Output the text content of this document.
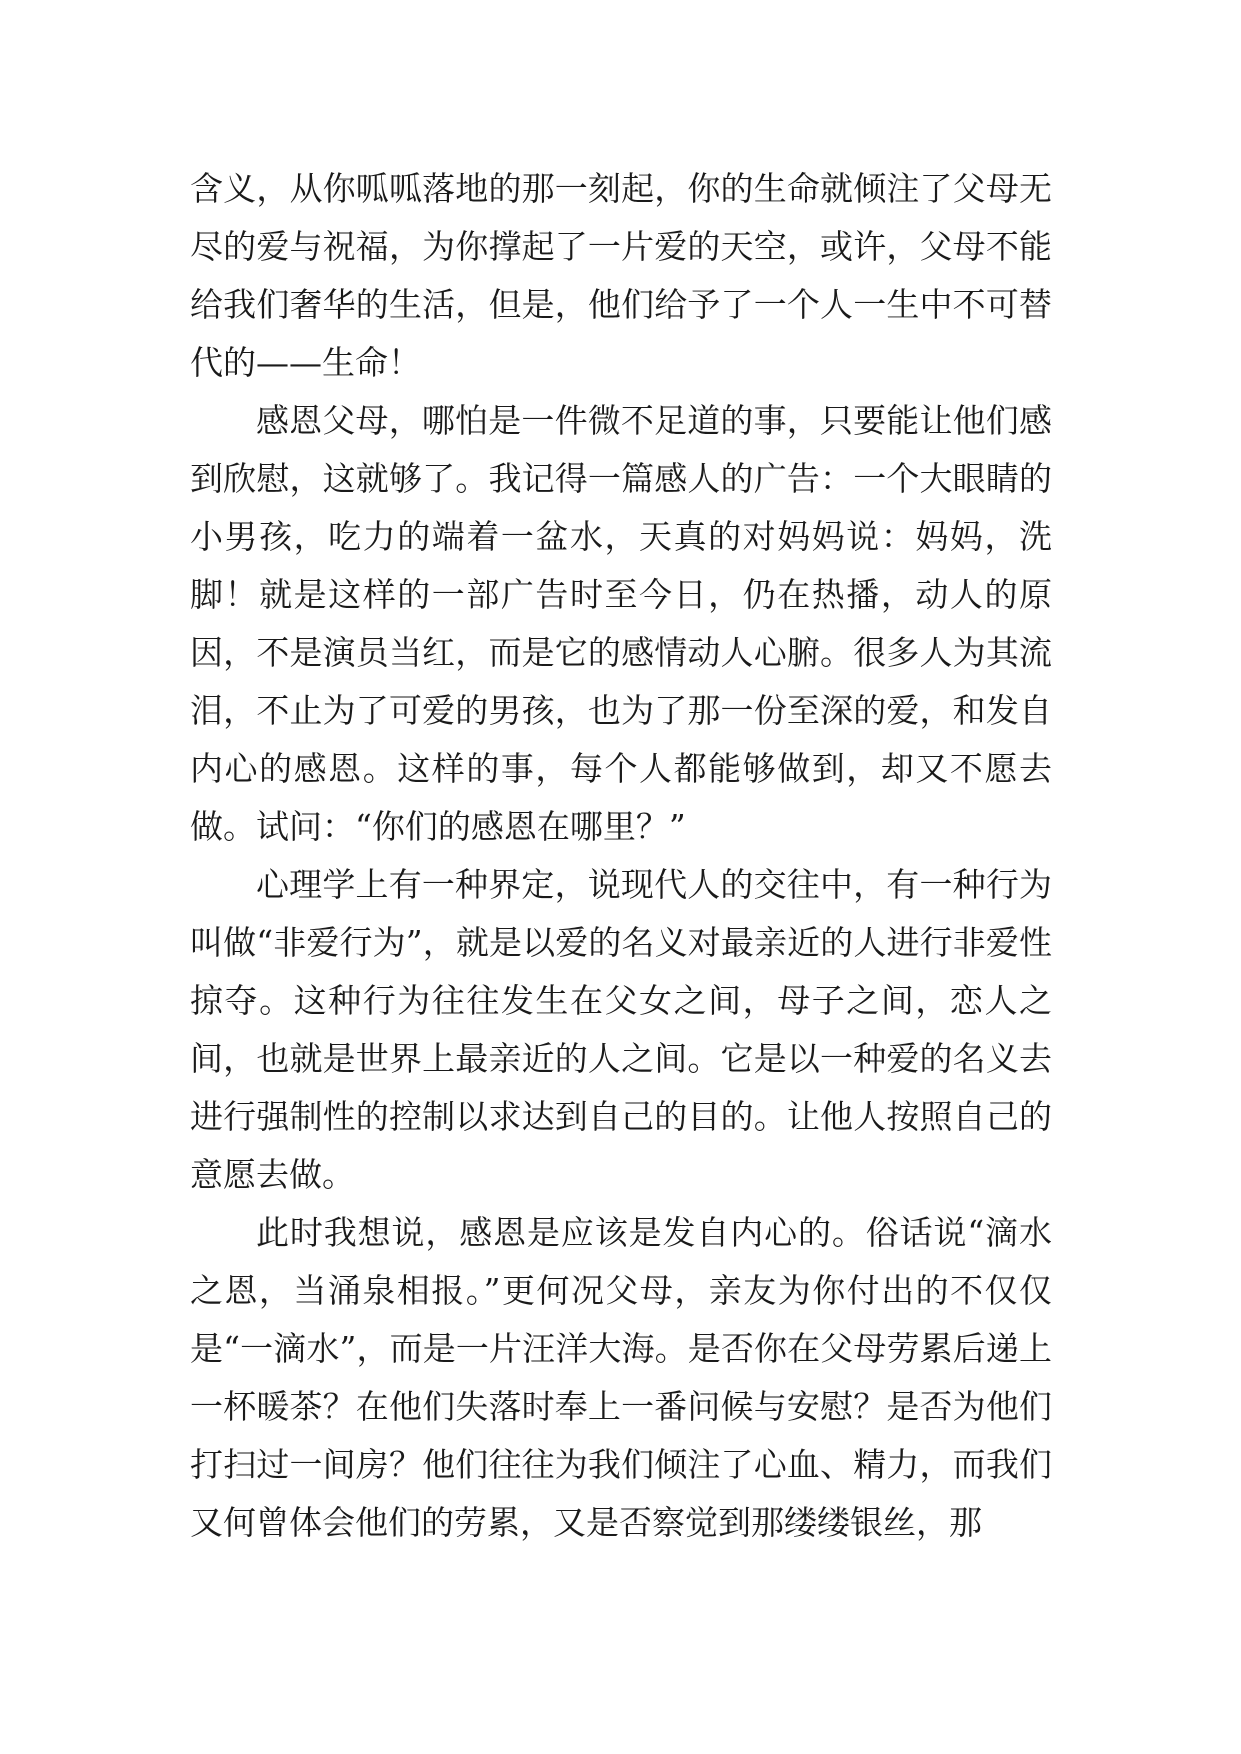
含义，从你呱呱落地的那一刻起，你的生命就倾注了父母无尽的爱与祝福，为你撑起了一片爱的天空，或许，父母不能给我们奢华的生活，但是，他们给予了一个人一生中不可替代的——生命！

感恩父母，哪怕是一件微不足道的事，只要能让他们感到欣慰，这就够了。我记得一篇感人的广告：一个大眼睛的小男孩，吃力的端着一盆水，天真的对妈妈说：妈妈，洗脚！就是这样的一部广告时至今日，仍在热播，动人的原因，不是演员当红，而是它的感情动人心腑。很多人为其流泪，不止为了可爱的男孩，也为了那一份至深的爱，和发自内心的感恩。这样的事，每个人都能够做到，却又不愿去做。试问：“你们的感恩在哪里？”

心理学上有一种界定，说现代人的交往中，有一种行为叫做“非爱行为”，就是以爱的名义对最亲近的人进行非爱性掠夺。这种行为往往发生在父女之间，母子之间，恋人之间，也就是世界上最亲近的人之间。它是以一种爱的名义去进行强制性的控制以求达到自己的目的。让他人按照自己的意愿去做。

此时我想说，感恩是应该是发自内心的。俗话说“滴水之恩，当涌泉相报。”更何况父母，亲友为你付出的不仅仅是“一滴水”，而是一片汪洋大海。是否你在父母劳累后递上一杯暖茶？在他们失落时奉上一番问候与安慰？是否为他们打扫过一间房？他们往往为我们倾注了心血、精力，而我们又何曾体会他们的劳累，又是否察觉到那缕缕银丝，那
